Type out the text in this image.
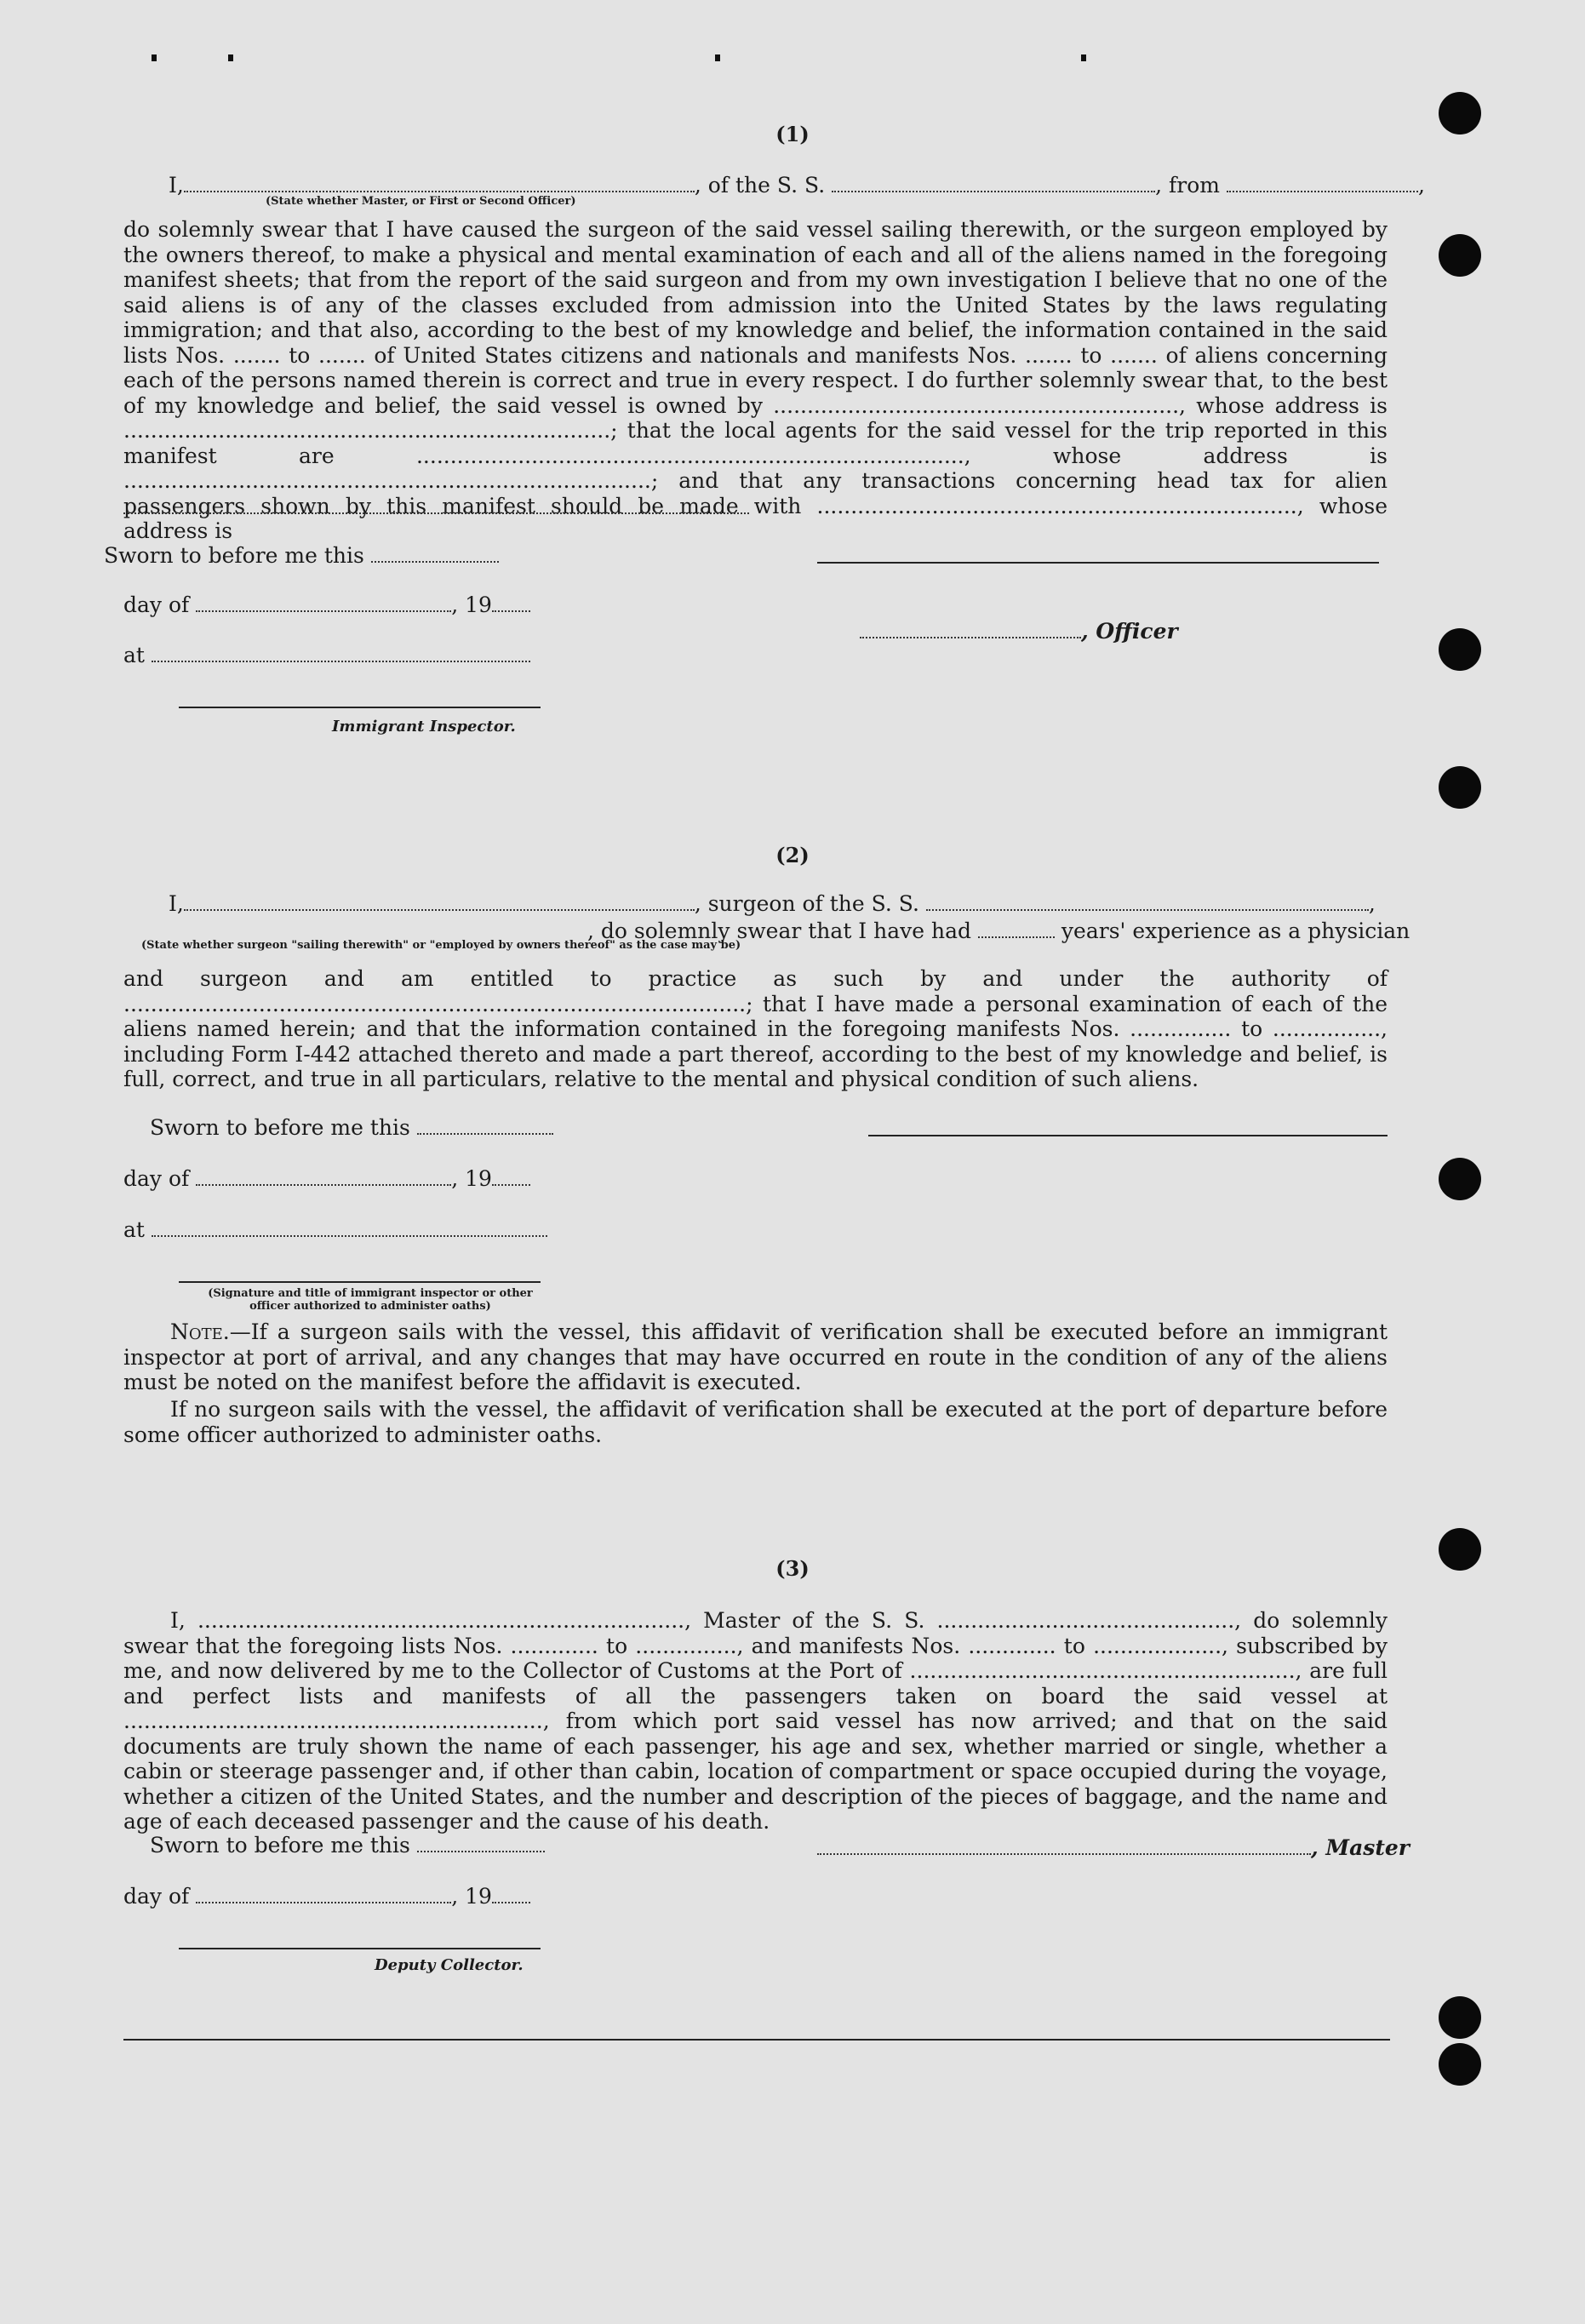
(1)
I,	, of the S. S.	, from	,
(State whether Master, or First or Second Officer)

do solemnly swear that I have caused the surgeon of the said vessel sailing therewith, or the surgeon employed by the owners thereof, to make a physical and mental examination of each and all of the aliens named in the foregoing manifest sheets; that from the report of the said surgeon and from my own investigation I believe that no one of the said aliens is of any of the classes excluded from admission into the United States by the laws regulating immigration; and that also, according to the best of my knowledge and belief, the information contained in the said lists Nos. ....... to ....... of United States citizens and nationals and manifests Nos. ....... to ....... of aliens concerning each of the persons named therein is correct and true in every respect. I do further solemnly swear that, to the best of my knowledge and belief, the said vessel is owned by ............................................................, whose address is ........................................................................; that the local agents for the said vessel for the trip reported in this manifest are ................................................................................., whose address is ..............................................................................; and that any transactions concerning head tax for alien passengers shown by this manifest should be made with ......................................................................., whose address is

Sworn to before me this
day of	, 19
, Officer
at
Immigrant Inspector.
(2)
I,	, surgeon of the S. S.	,
, do solemnly swear that I have had	years' experience as a physician
(State whether surgeon "sailing therewith" or "employed by owners thereof" as the case may be)

and surgeon and am entitled to practice as such by and under the authority of ............................................................................................; that I have made a personal examination of each of the aliens named herein; and that the information contained in the foregoing manifests Nos. ............... to ................, including Form I-442 attached thereto and made a part thereof, according to the best of my knowledge and belief, is full, correct, and true in all particulars, relative to the mental and physical condition of such aliens.

Sworn to before me this
day of	, 19
at
(Signature and title of immigrant inspector or other officer authorized to administer oaths)

Note.—If a surgeon sails with the vessel, this affidavit of verification shall be executed before an immigrant inspector at port of arrival, and any changes that may have occurred en route in the condition of any of the aliens must be noted on the manifest before the affidavit is executed.

If no surgeon sails with the vessel, the affidavit of verification shall be executed at the port of departure before some officer authorized to administer oaths.

(3)

I, ........................................................................, Master of the S. S. ............................................, do solemnly swear that the foregoing lists Nos. ............. to ..............., and manifests Nos. ............. to ..................., subscribed by me, and now delivered by me to the Collector of Customs at the Port of ........................................................., are full and perfect lists and manifests of all the passengers taken on board the said vessel at .............................................................., from which port said vessel has now arrived; and that on the said documents are truly shown the name of each passenger, his age and sex, whether married or single, whether a cabin or steerage passenger and, if other than cabin, location of compartment or space occupied during the voyage, whether a citizen of the United States, and the number and description of the pieces of baggage, and the name and age of each deceased passenger and the cause of his death.

Sworn to before me this	, Master
day of	, 19
Deputy Collector.
